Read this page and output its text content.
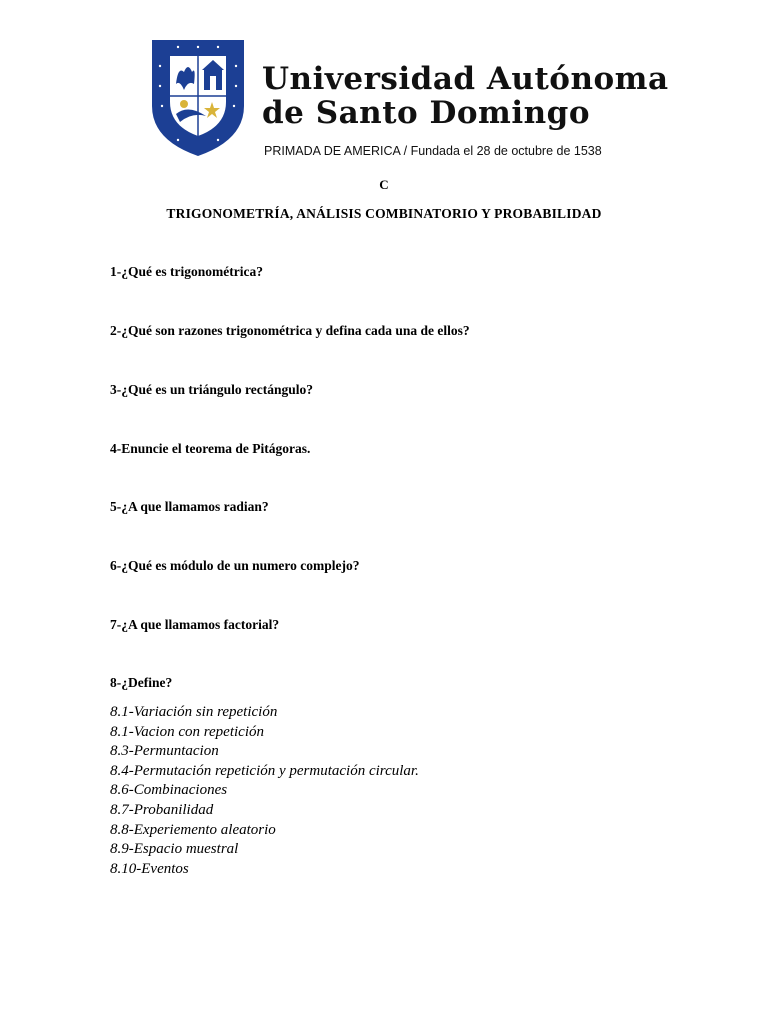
Universidad Autónoma
de Santo Domingo
PRIMADA DE AMERICA / Fundada el 28 de octubre de 1538
C
TRIGONOMETRÍA, ANÁLISIS COMBINATORIO Y PROBABILIDAD
1-¿Qué es trigonométrica?
2-¿Qué son razones trigonométrica y defina cada una de ellos?
3-¿Qué es un triángulo rectángulo?
4-Enuncie el teorema de Pitágoras.
5-¿A que llamamos radian?
6-¿Qué es módulo de un numero complejo?
7-¿A que llamamos factorial?
8-¿Define?
8.1-Variación sin repetición
8.1-Vacion con repetición
8.3-Permuntacion
8.4-Permutación repetición y permutación circular.
8.6-Combinaciones
8.7-Probanilidad
8.8-Experiemento aleatorio
8.9-Espacio muestral
8.10-Eventos
